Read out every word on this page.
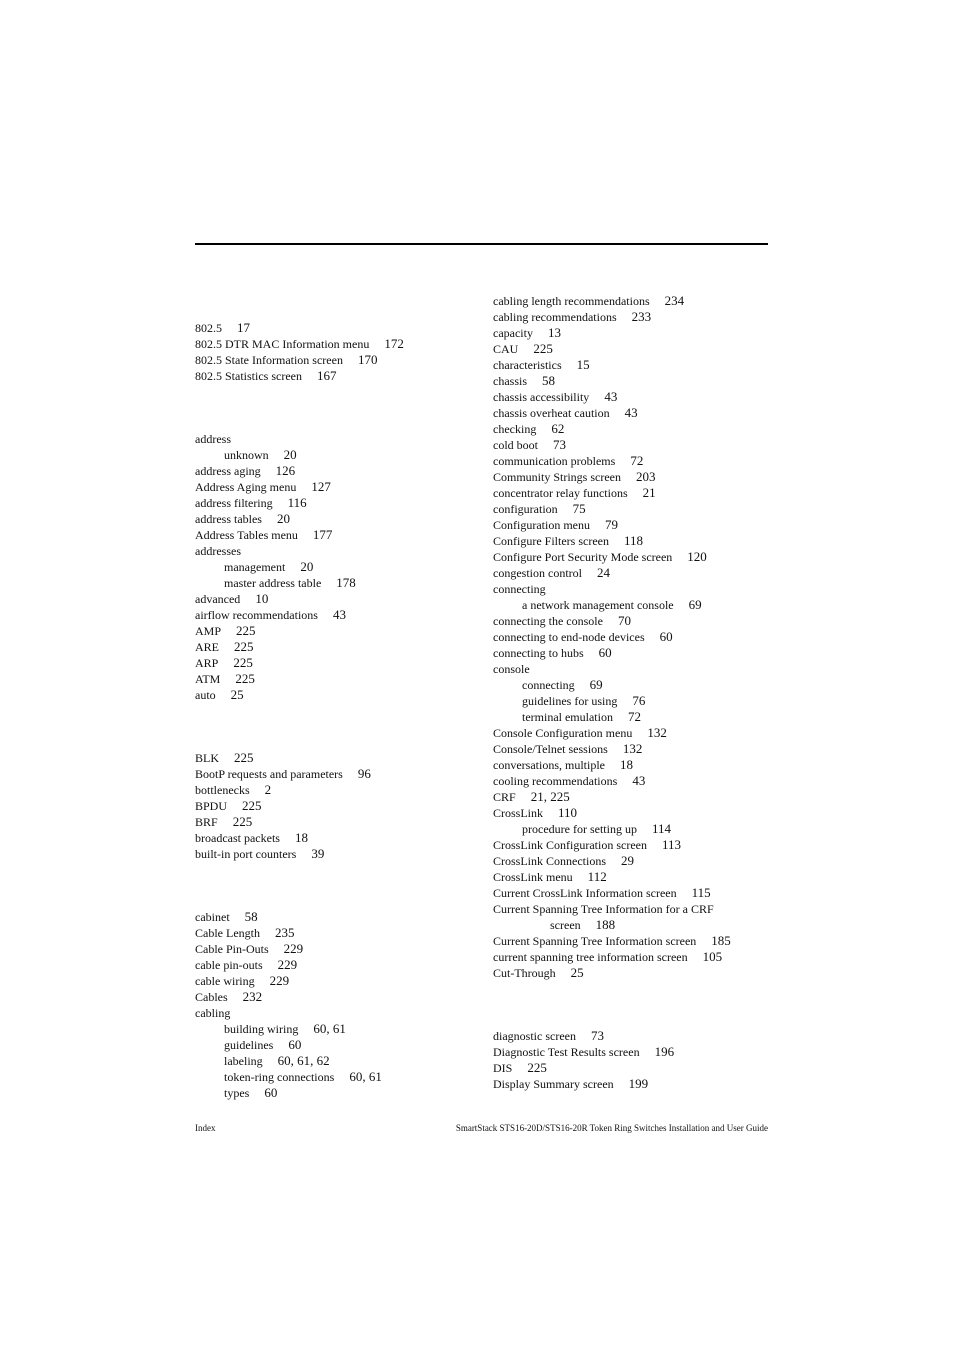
802.5 17
802.5 DTR MAC Information menu 172
802.5 State Information screen 170
802.5 Statistics screen 167
address
unknown 20
address aging 126
Address Aging menu 127
address filtering 116
address tables 20
Address Tables menu 177
addresses
management 20
master address table 178
advanced 10
airflow recommendations 43
AMP 225
ARE 225
ARP 225
ATM 225
auto 25
BLK 225
BootP requests and parameters 96
bottlenecks 2
BPDU 225
BRF 225
broadcast packets 18
built-in port counters 39
cabinet 58
Cable Length 235
Cable Pin-Outs 229
cable pin-outs 229
cable wiring 229
Cables 232
cabling
building wiring 60, 61
guidelines 60
labeling 60, 61, 62
token-ring connections 60, 61
types 60
cabling length recommendations 234
cabling recommendations 233
capacity 13
CAU 225
characteristics 15
chassis 58
chassis accessibility 43
chassis overheat caution 43
checking 62
cold boot 73
communication problems 72
Community Strings screen 203
concentrator relay functions 21
configuration 75
Configuration menu 79
Configure Filters screen 118
Configure Port Security Mode screen 120
congestion control 24
connecting
a network management console 69
connecting the console 70
connecting to end-node devices 60
connecting to hubs 60
console
connecting 69
guidelines for using 76
terminal emulation 72
Console Configuration menu 132
Console/Telnet sessions 132
conversations, multiple 18
cooling recommendations 43
CRF 21, 225
CrossLink 110
procedure for setting up 114
CrossLink Configuration screen 113
CrossLink Connections 29
CrossLink menu 112
Current CrossLink Information screen 115
Current Spanning Tree Information for a CRF
screen 188
Current Spanning Tree Information screen 185
current spanning tree information screen 105
Cut-Through 25
diagnostic screen 73
Diagnostic Test Results screen 196
DIS 225
Display Summary screen 199
Index	SmartStack STS16-20D/STS16-20R Token Ring Switches Installation and User Guide
